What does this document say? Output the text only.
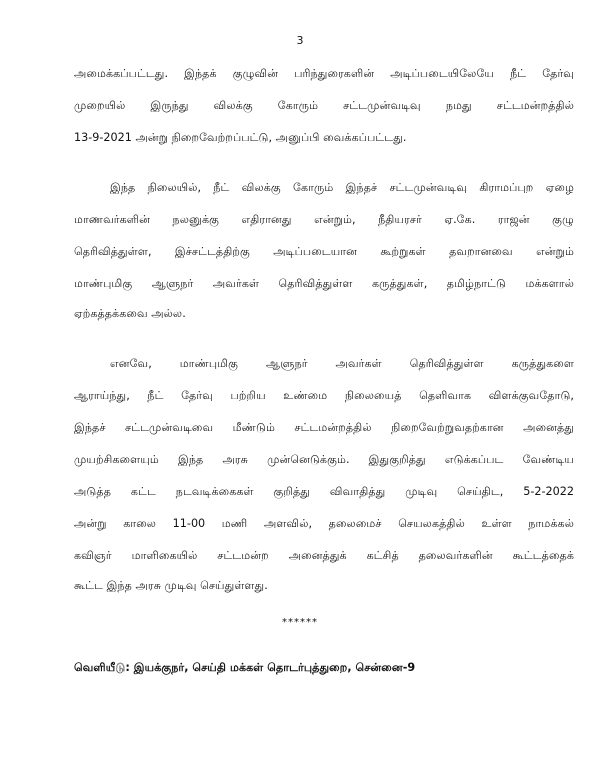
3
அமைக்கப்பட்டது. இந்தக் குழுவின் பரிந்துரைகளின் அடிப்படையிலேயே நீட் தேர்வு
முறையில் இருந்து விலக்கு கோரும் சட்டமுன்வடிவு நமது சட்டமன்றத்தில்
13-9-2021 அன்று நிறைவேற்றப்பட்டு, அனுப்பி வைக்கப்பட்டது.
இந்த நிலையில், நீட் விலக்கு கோரும் இந்தச் சட்டமுன்வடிவு கிராமப்புற ஏழை
மாணவர்களின் நலனுக்கு எதிரானது என்றும், நீதியரசர் ஏ.கே. ராஜன் குழு
தெரிவித்துள்ள, இச்சட்டத்திற்கு அடிப்படையான கூற்றுகள் தவறானவை என்றும்
மாண்புமிகு ஆளுநர் அவர்கள் தெரிவித்துள்ள கருத்துகள், தமிழ்நாட்டு மக்களால்
ஏற்கத்தக்கவை அல்ல.
எனவே, மாண்புமிகு ஆளுநர் அவர்கள் தெரிவித்துள்ள கருத்துகளை
ஆராய்ந்து, நீட் தேர்வு பற்றிய உண்மை நிலையைத் தெளிவாக விளக்குவதோடு,
இந்தச் சட்டமுன்வடிவை மீண்டும் சட்டமன்றத்தில் நிறைவேற்றுவதற்கான அனைத்து
முயற்சிகளையும் இந்த அரசு முன்னெடுக்கும். இதுகுறித்து எடுக்கப்பட வேண்டிய
அடுத்த கட்ட நடவடிக்கைகள் குறித்து விவாதித்து முடிவு செய்திட, 5-2-2022
அன்று காலை 11-00 மணி அளவில், தலைமைச் செயலகத்தில் உள்ள நாமக்கல்
கவிஞர் மாளிகையில் சட்டமன்ற அனைத்துக் கட்சித் தலைவர்களின் கூட்டத்தைக்
கூட்ட இந்த அரசு முடிவு செய்துள்ளது.
******
வெளியீடு: இயக்குநர், செய்தி மக்கள் தொடர்புத்துறை, சென்னை-9
